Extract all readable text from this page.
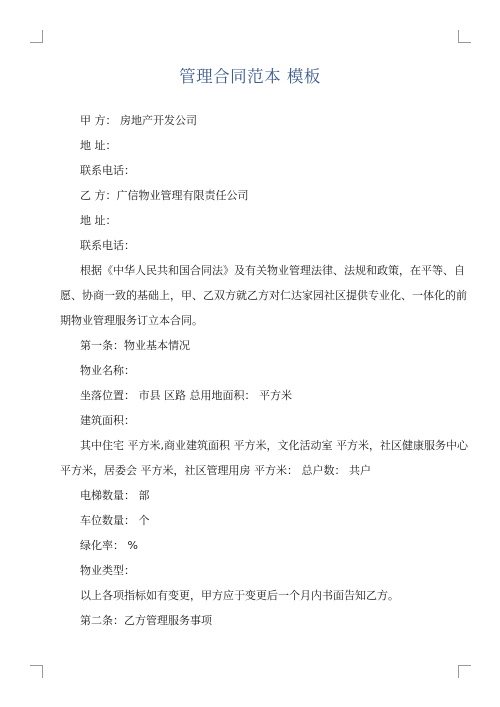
管理合同范本 模板
甲 方： 房地产开发公司
地 址：
联系电话：
乙 方：广信物业管理有限责任公司
地 址：
联系电话：
根据《中华人民共和国合同法》及有关物业管理法律、法规和政策，在平等、自
愿、协商一致的基础上，甲、乙双方就乙方对仁达家园社区提供专业化、一体化的前
期物业管理服务订立本合同。
第一条：物业基本情况
物业名称：
坐落位置： 市县 区路 总用地面积： 平方米
建筑面积：
其中住宅 平方米,商业建筑面积 平方米，文化活动室 平方米，社区健康服务中心
平方米，居委会 平方米，社区管理用房 平方米： 总户数： 共户
电梯数量： 部
车位数量： 个
绿化率： %
物业类型：
以上各项指标如有变更，甲方应于变更后一个月内书面告知乙方。
第二条：乙方管理服务事项
